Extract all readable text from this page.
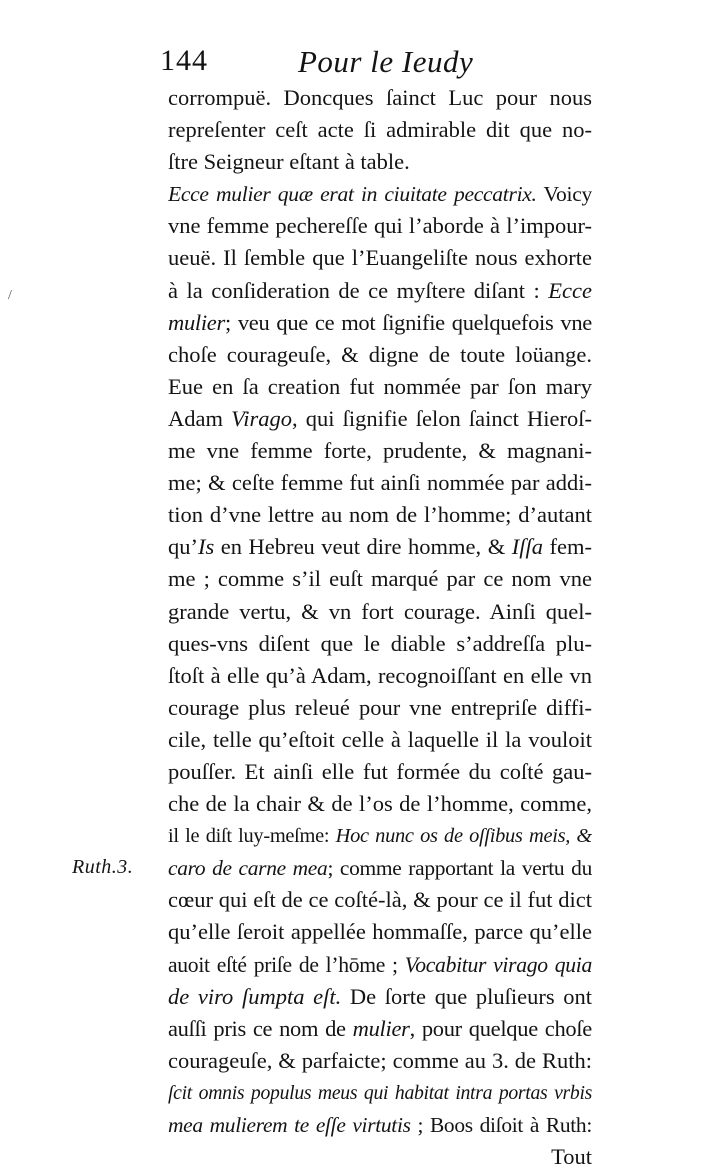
144	Pour le Ieudy
Ruth.3.
corrompuë. Doncques ſainct Luc pour nous
repreſenter ceſt acte ſi admirable dit que no-
ſtre Seigneur eſtant à table.
Ecce mulier quæ erat in ciuitate peccatrix. Voicy
vne femme pechereſſe qui l’aborde à l’impour-
ueuë. Il ſemble que l’Euangeliſte nous exhorte
à la conſideration de ce myſtere diſant : Ecce
mulier; veu que ce mot ſignifie quelquefois vne
choſe courageuſe, & digne de toute loüange.
Eue en ſa creation fut nommée par ſon mary
Adam Virago, qui ſignifie ſelon ſainct Hieroſ-
me vne femme forte, prudente, & magnani-
me; & ceſte femme fut ainſi nommée par addi-
tion d’vne lettre au nom de l’homme; d’autant
qu’Is en Hebreu veut dire homme, & Iſſa fem-
me ; comme s’il euſt marqué par ce nom vne
grande vertu, & vn fort courage. Ainſi quel-
ques-vns diſent que le diable s’addreſſa plu-
ſtoſt à elle qu’à Adam, recognoiſſant en elle vn
courage plus releué pour vne entrepriſe diffi-
cile, telle qu’eſtoit celle à laquelle il la vouloit
pouſſer. Et ainſi elle fut formée du coſté gau-
che de la chair & de l’os de l’homme, comme,
il le diſt luy-meſme: Hoc nunc os de oſſibus meis, &
caro de carne mea; comme rapportant la vertu du
cœur qui eſt de ce coſté-là, & pour ce il fut dict
qu’elle ſeroit appellée hommaſſe, parce qu’elle
auoit eſté priſe de l’hōme ; Vocabitur virago quia
de viro ſumpta eſt. De ſorte que pluſieurs ont
auſſi pris ce nom de mulier, pour quelque choſe
courageuſe, & parfaicte; comme au 3. de Ruth:
ſcit omnis populus meus qui habitat intra portas vrbis
mea mulierem te eſſe virtutis ; Boos diſoit à Ruth:
Tout
/
